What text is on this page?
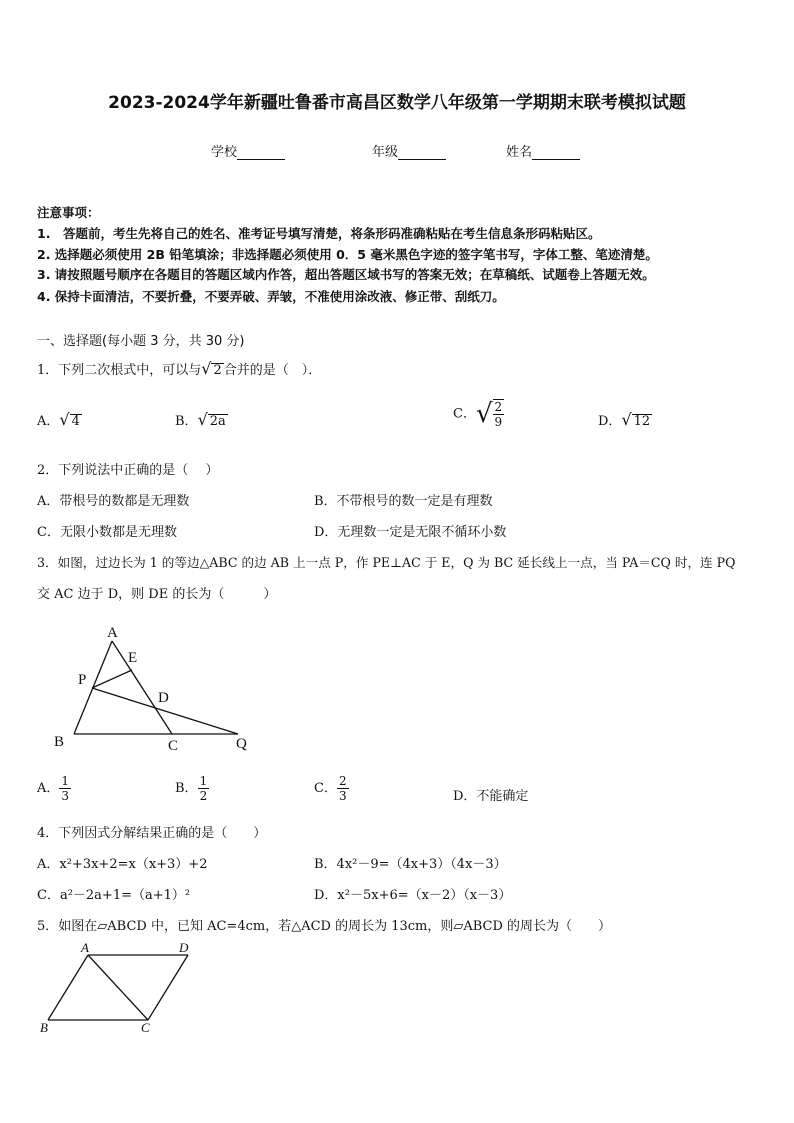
2023-2024学年新疆吐鲁番市高昌区数学八年级第一学期期末联考模拟试题
学校	年级	姓名
注意事项：
1.　答题前，考生先将自己的姓名、准考证号填写清楚，将条形码准确粘贴在考生信息条形码粘贴区。
2. 选择题必须使用 2B 铅笔填涂；非选择题必须使用 0．5 毫米黑色字迹的签字笔书写，字体工整、笔迹清楚。
3. 请按照题号顺序在各题目的答题区域内作答，超出答题区域书写的答案无效；在草稿纸、试题卷上答题无效。
4. 保持卡面清洁，不要折叠，不要弄破、弄皱，不准使用涂改液、修正带、刮纸刀。
一、选择题(每小题 3 分，共 30 分)
1．下列二次根式中，可以与√ 2 合并的是（　）．
A．√ 4	B．√ 2a	C．√ $\frac{2}{9}$	D．√ 12
2．下列说法中正确的是（　 ）
A．带根号的数都是无理数	B．不带根号的数一定是有理数
C．无限小数都是无理数	D．无理数一定是无限不循环小数
3．如图，过边长为 1 的等边△ABC 的边 AB 上一点 P，作 PE⊥AC 于 E，Q 为 BC 延长线上一点，当 PA＝CQ 时，连 PQ
交 AC 边于 D，则 DE 的长为（　　　）
A
E
P
D
B	C	Q
A． $\frac{1}{3}$	B． $\frac{1}{2}$	C． $\frac{2}{3}$	D．不能确定
4．下列因式分解结果正确的是（　　）
A．x²+3x+2=x（x+3）+2	B．4x²－9=（4x+3）（4x－3）
C．a²－2a+1=（a+1）²	D．x²－5x+6=（x－2）（x－3）
5．如图在▱ABCD 中，已知 AC=4cm，若△ACD 的周长为 13cm，则▱ABCD 的周长为（　　）
A	D
B	C
